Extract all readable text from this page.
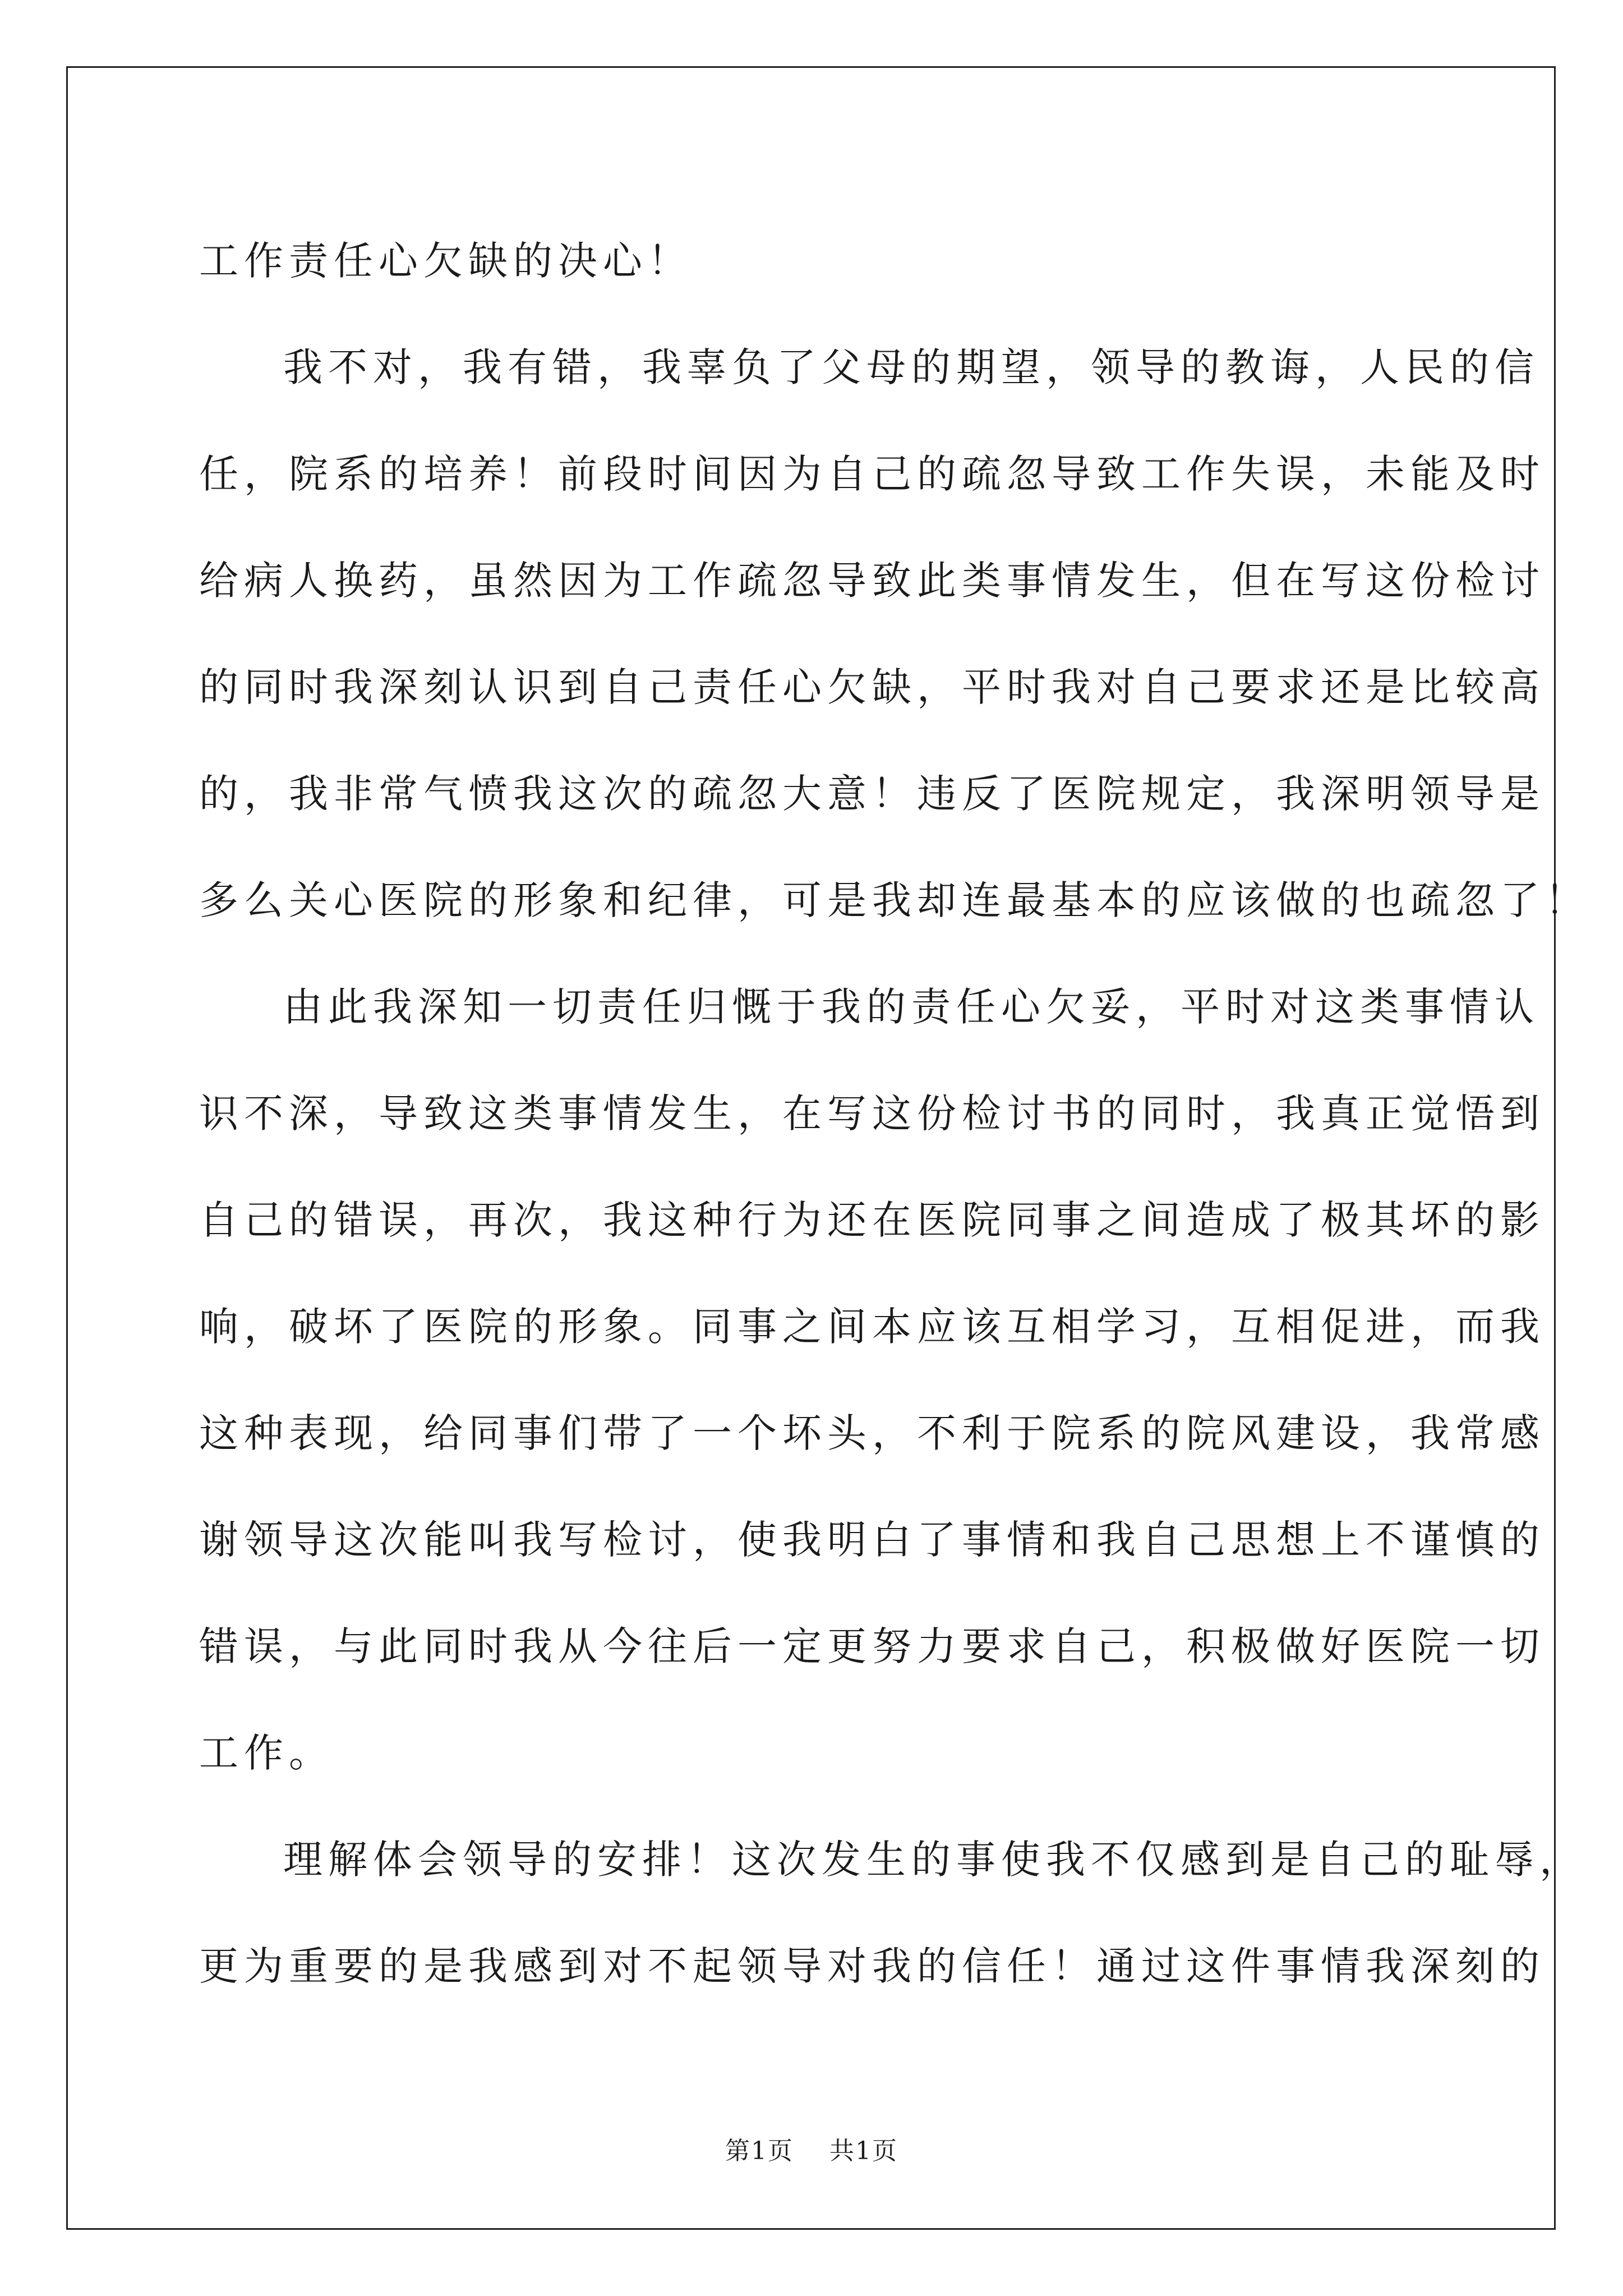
工作责任心欠缺的决心！
我不对，我有错，我辜负了父母的期望，领导的教诲，人民的信
任，院系的培养！前段时间因为自己的疏忽导致工作失误，未能及时
给病人换药，虽然因为工作疏忽导致此类事情发生，但在写这份检讨
的同时我深刻认识到自己责任心欠缺，平时我对自己要求还是比较高
的，我非常气愤我这次的疏忽大意！违反了医院规定，我深明领导是
多么关心医院的形象和纪律，可是我却连最基本的应该做的也疏忽了！
由此我深知一切责任归慨于我的责任心欠妥，平时对这类事情认
识不深，导致这类事情发生，在写这份检讨书的同时，我真正觉悟到
自己的错误，再次，我这种行为还在医院同事之间造成了极其坏的影
响，破坏了医院的形象。同事之间本应该互相学习，互相促进，而我
这种表现，给同事们带了一个坏头，不利于院系的院风建设，我常感
谢领导这次能叫我写检讨，使我明白了事情和我自己思想上不谨慎的
错误，与此同时我从今往后一定更努力要求自己，积极做好医院一切
工作。
理解体会领导的安排！这次发生的事使我不仅感到是自己的耻辱，
更为重要的是我感到对不起领导对我的信任！通过这件事情我深刻的
第1页 共1页
